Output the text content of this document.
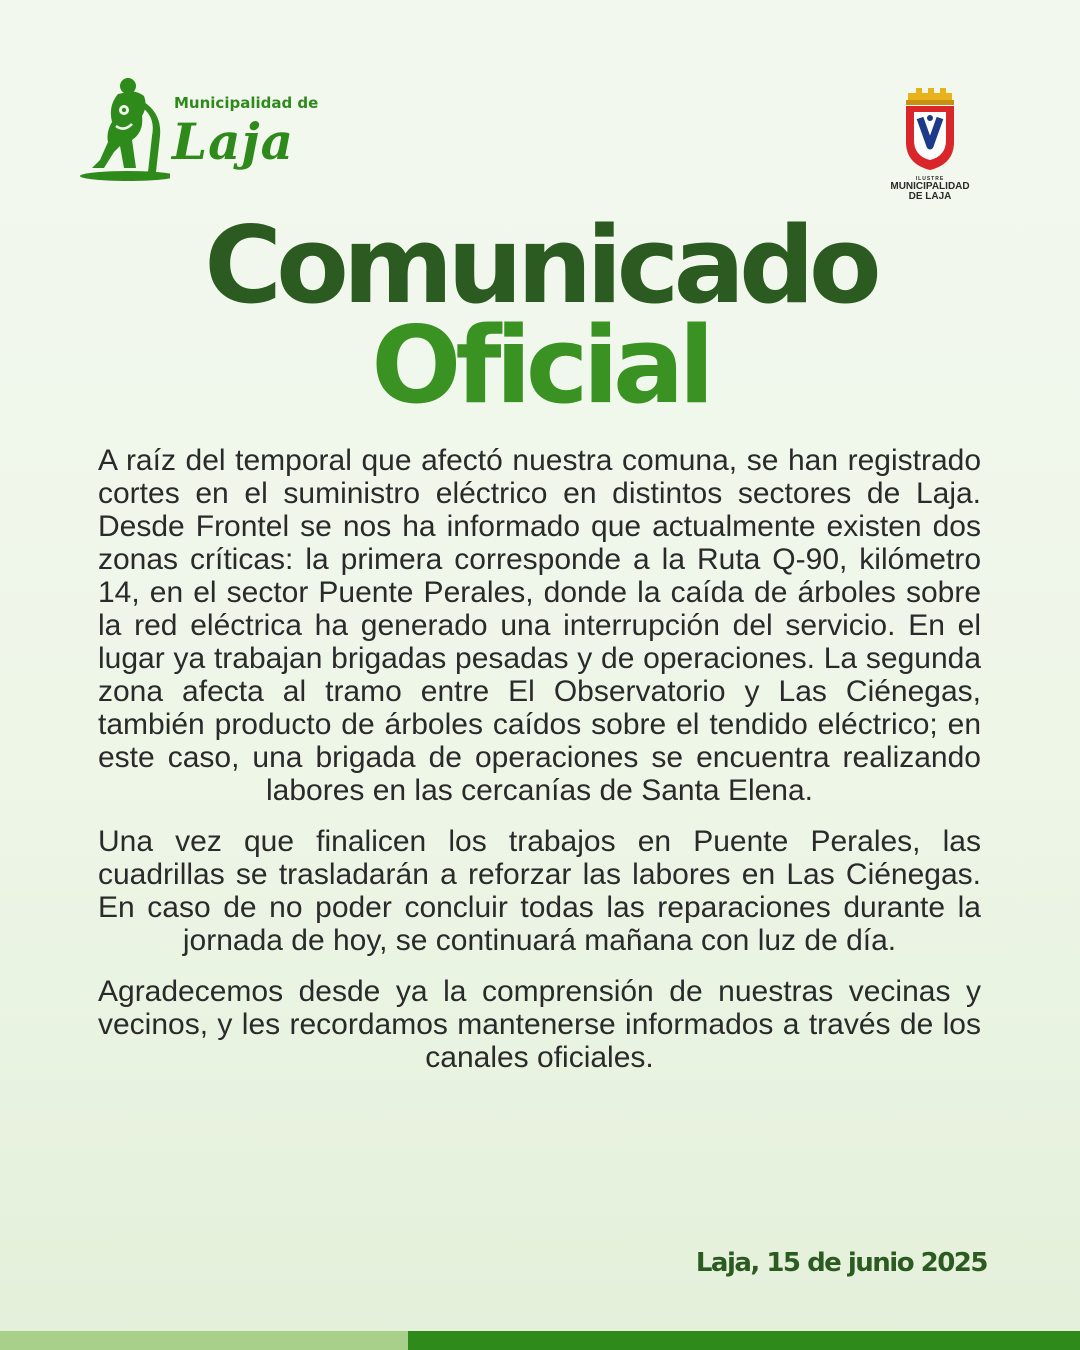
Municipalidad de
Laja
ILUSTRE
MUNICIPALIDAD
DE LAJA
Comunicado
Oficial

A raíz del temporal que afectó nuestra comuna, se han registrado cortes en el suministro eléctrico en distintos sectores de Laja. Desde Frontel se nos ha informado que actualmente existen dos zonas críticas: la primera corresponde a la Ruta Q-90, kilómetro 14, en el sector Puente Perales, donde la caída de árboles sobre la red eléctrica ha generado una interrupción del servicio. En el lugar ya trabajan brigadas pesadas y de operaciones. La segunda zona afecta al tramo entre El Observatorio y Las Ciénegas, también producto de árboles caídos sobre el tendido eléctrico; en este caso, una brigada de operaciones se encuentra realizando labores en las cercanías de Santa Elena.

Una vez que finalicen los trabajos en Puente Perales, las cuadrillas se trasladarán a reforzar las labores en Las Ciénegas. En caso de no poder concluir todas las reparaciones durante la jornada de hoy, se continuará mañana con luz de día.

Agradecemos desde ya la comprensión de nuestras vecinas y vecinos, y les recordamos mantenerse informados a través de los canales oficiales.

Laja, 15 de junio 2025
